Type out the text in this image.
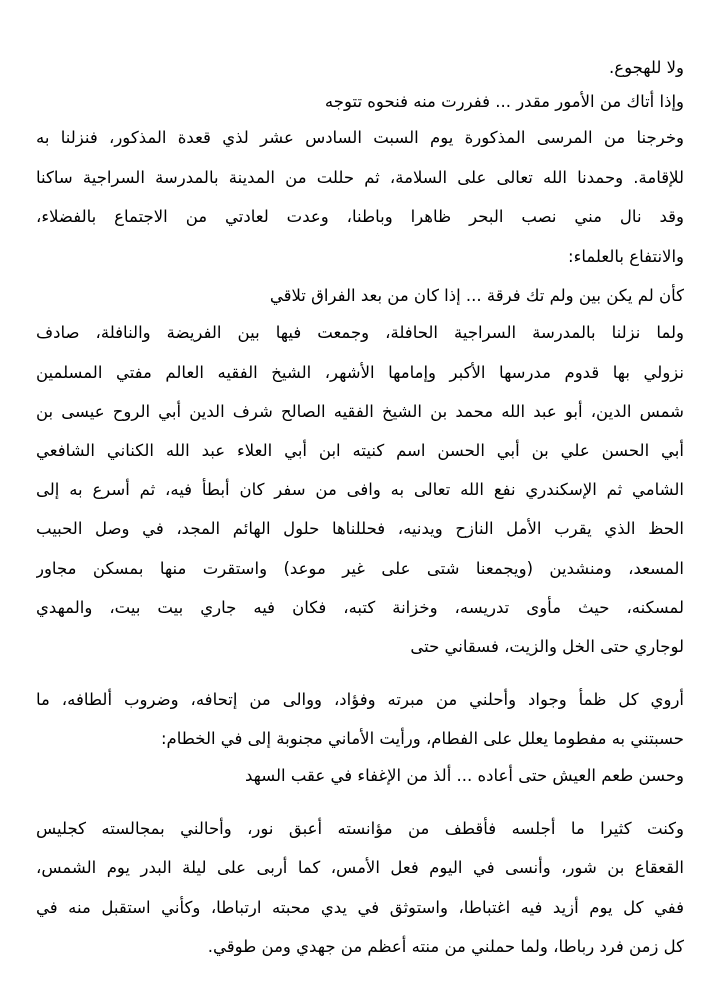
ولا للهجوع.
وإذا أتاك من الأمور مقدر ... ففررت منه فنحوه تتوجه
وخرجنا من المرسى المذكورة يوم السبت السادس عشر لذي قعدة المذكور، فنزلنا به
للإقامة. وحمدنا الله تعالى على السلامة، ثم حللت من المدينة بالمدرسة السراجية ساكنا
وقد نال مني نصب البحر ظاهرا وباطنا، وعدت لعادتي من الاجتماع بالفضلاء،
والانتفاع بالعلماء:
كأن لم يكن بين ولم تك فرقة ... إذا كان من بعد الفراق تلاقي
ولما نزلنا بالمدرسة السراجية الحافلة، وجمعت فيها بين الفريضة والنافلة، صادف
نزولي بها قدوم مدرسها الأكبر وإمامها الأشهر، الشيخ الفقيه العالم مفتي المسلمين
شمس الدين، أبو عبد الله محمد بن الشيخ الفقيه الصالح شرف الدين أبي الروح عيسى بن
أبي الحسن علي بن أبي الحسن اسم كنيته ابن أبي العلاء عبد الله الكناني الشافعي
الشامي ثم الإسكندري نفع الله تعالى به وافى من سفر كان أبطأ فيه، ثم أسرع به إلى
الحظ الذي يقرب الأمل النازح ويدنيه، فحللناها حلول الهائم المجد، في وصل الحبيب
المسعد، ومنشدين (ويجمعنا شتى على غير موعد) واستقرت منها بمسكن مجاور
لمسكنه، حيث مأوى تدريسه، وخزانة كتبه، فكان فيه جاري بيت بيت، والمهدي
لوجاري حتى الخل والزيت، فسقاني حتى
أروي كل ظمأ وجواد وأحلني من مبرته وفؤاد، ووالى من إتحافه، وضروب ألطافه، ما
حسبتني به مفطوما يعلل على الفطام، ورأيت الأماني مجنوبة إلى في الخطام:
وحسن طعم العيش حتى أعاده ... ألذ من الإغفاء في عقب السهد
وكنت كثيرا ما أجلسه فأقطف من مؤانسته أعبق نور، وأحالني بمجالسته كجليس
القعقاع بن شور، وأنسى في اليوم فعل الأمس، كما أربى على ليلة البدر يوم الشمس،
ففي كل يوم أزيد فيه اغتباطا، واستوثق في يدي محبته ارتباطا، وكأني استقبل منه في
كل زمن فرد رباطا، ولما حملني من منته أعظم من جهدي ومن طوقي.
